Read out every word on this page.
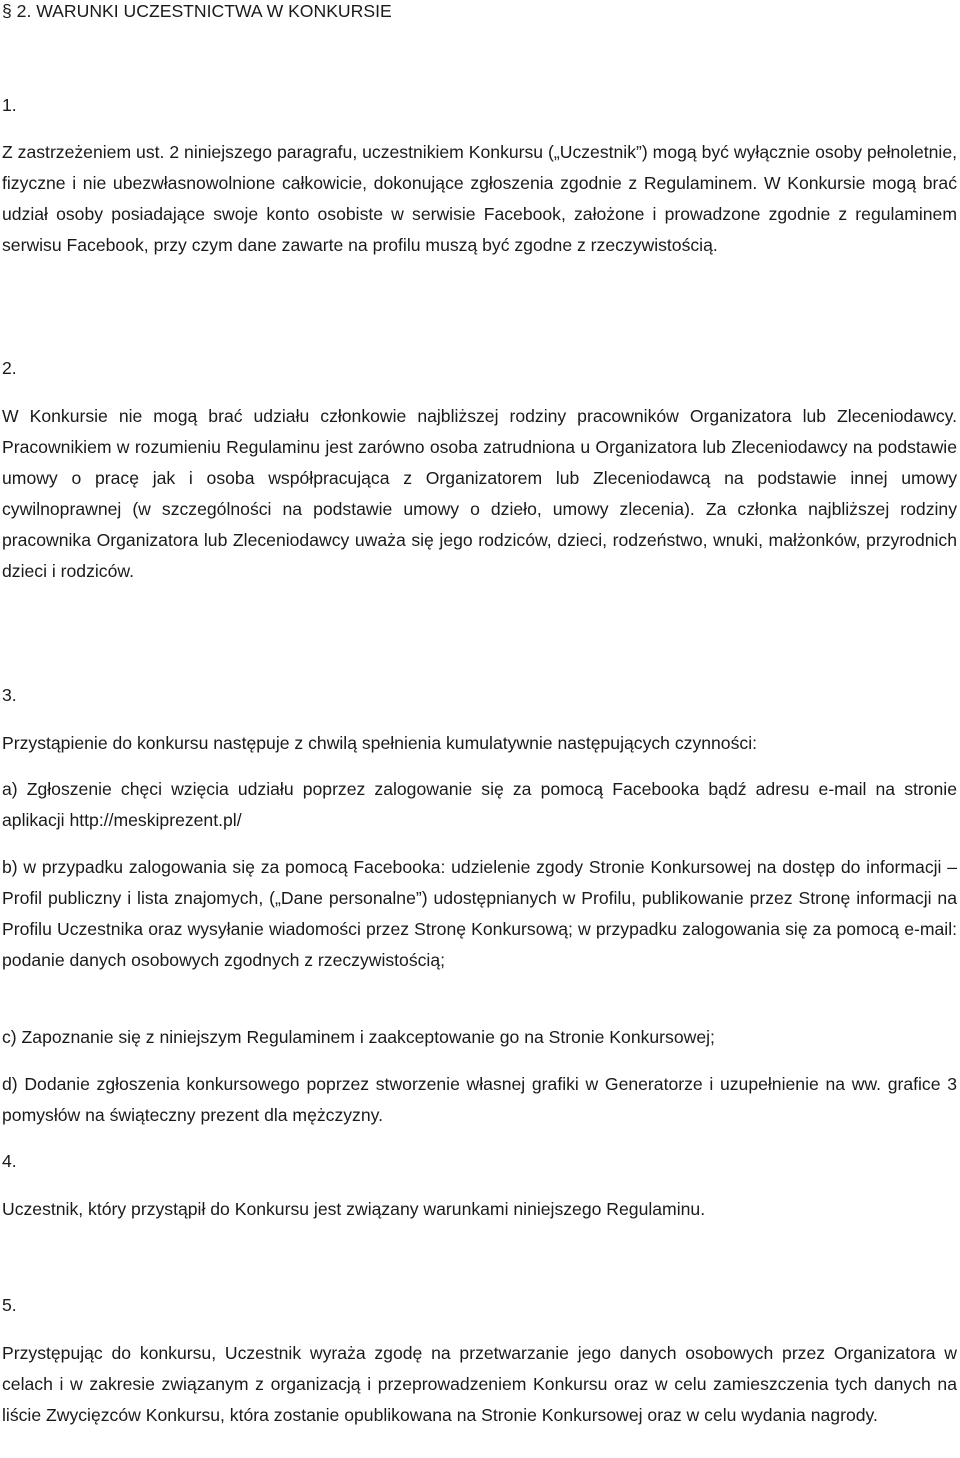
§ 2. WARUNKI UCZESTNICTWA W KONKURSIE
1.
Z zastrzeżeniem ust. 2 niniejszego paragrafu, uczestnikiem Konkursu („Uczestnik”) mogą być wyłącznie osoby pełnoletnie, fizyczne i nie ubezwłasnowolnione całkowicie, dokonujące zgłoszenia zgodnie z Regulaminem. W Konkursie mogą brać udział osoby posiadające swoje konto osobiste w serwisie Facebook, założone i prowadzone zgodnie z regulaminem serwisu Facebook, przy czym dane zawarte na profilu muszą być zgodne z rzeczywistością.
2.
W Konkursie nie mogą brać udziału członkowie najbliższej rodziny pracowników Organizatora lub Zleceniodawcy. Pracownikiem w rozumieniu Regulaminu jest zarówno osoba zatrudniona u Organizatora lub Zleceniodawcy na podstawie umowy o pracę jak i osoba współpracująca z Organizatorem lub Zleceniodawcą na podstawie innej umowy cywilnoprawnej (w szczególności na podstawie umowy o dzieło, umowy zlecenia). Za członka najbliższej rodziny pracownika Organizatora lub Zleceniodawcy uważa się jego rodziców, dzieci, rodzeństwo, wnuki, małżonków, przyrodnich dzieci i rodziców.
3.
Przystąpienie do konkursu następuje z chwilą spełnienia kumulatywnie następujących czynności:
a) Zgłoszenie chęci wzięcia udziału poprzez zalogowanie się za pomocą Facebooka bądź adresu e-mail na stronie aplikacji http://meskiprezent.pl/
b) w przypadku zalogowania się za pomocą Facebooka: udzielenie zgody Stronie Konkursowej na dostęp do informacji – Profil publiczny i lista znajomych, („Dane personalne”) udostępnianych w Profilu, publikowanie przez Stronę informacji na Profilu Uczestnika oraz wysyłanie wiadomości przez Stronę Konkursową; w przypadku zalogowania się za pomocą e-mail: podanie danych osobowych zgodnych z rzeczywistością;
c) Zapoznanie się z niniejszym Regulaminem i zaakceptowanie go na Stronie Konkursowej;
d) Dodanie zgłoszenia konkursowego poprzez stworzenie własnej grafiki w Generatorze i uzupełnienie na ww. grafice 3 pomysłów na świąteczny prezent dla mężczyzny.
4.
Uczestnik, który przystąpił do Konkursu jest związany warunkami niniejszego Regulaminu.
5.
Przystępując do konkursu, Uczestnik wyraża zgodę na przetwarzanie jego danych osobowych przez Organizatora w celach i w zakresie związanym z organizacją i przeprowadzeniem Konkursu oraz w celu zamieszczenia tych danych na liście Zwycięzców Konkursu, która zostanie opublikowana na Stronie Konkursowej oraz w celu wydania nagrody.
